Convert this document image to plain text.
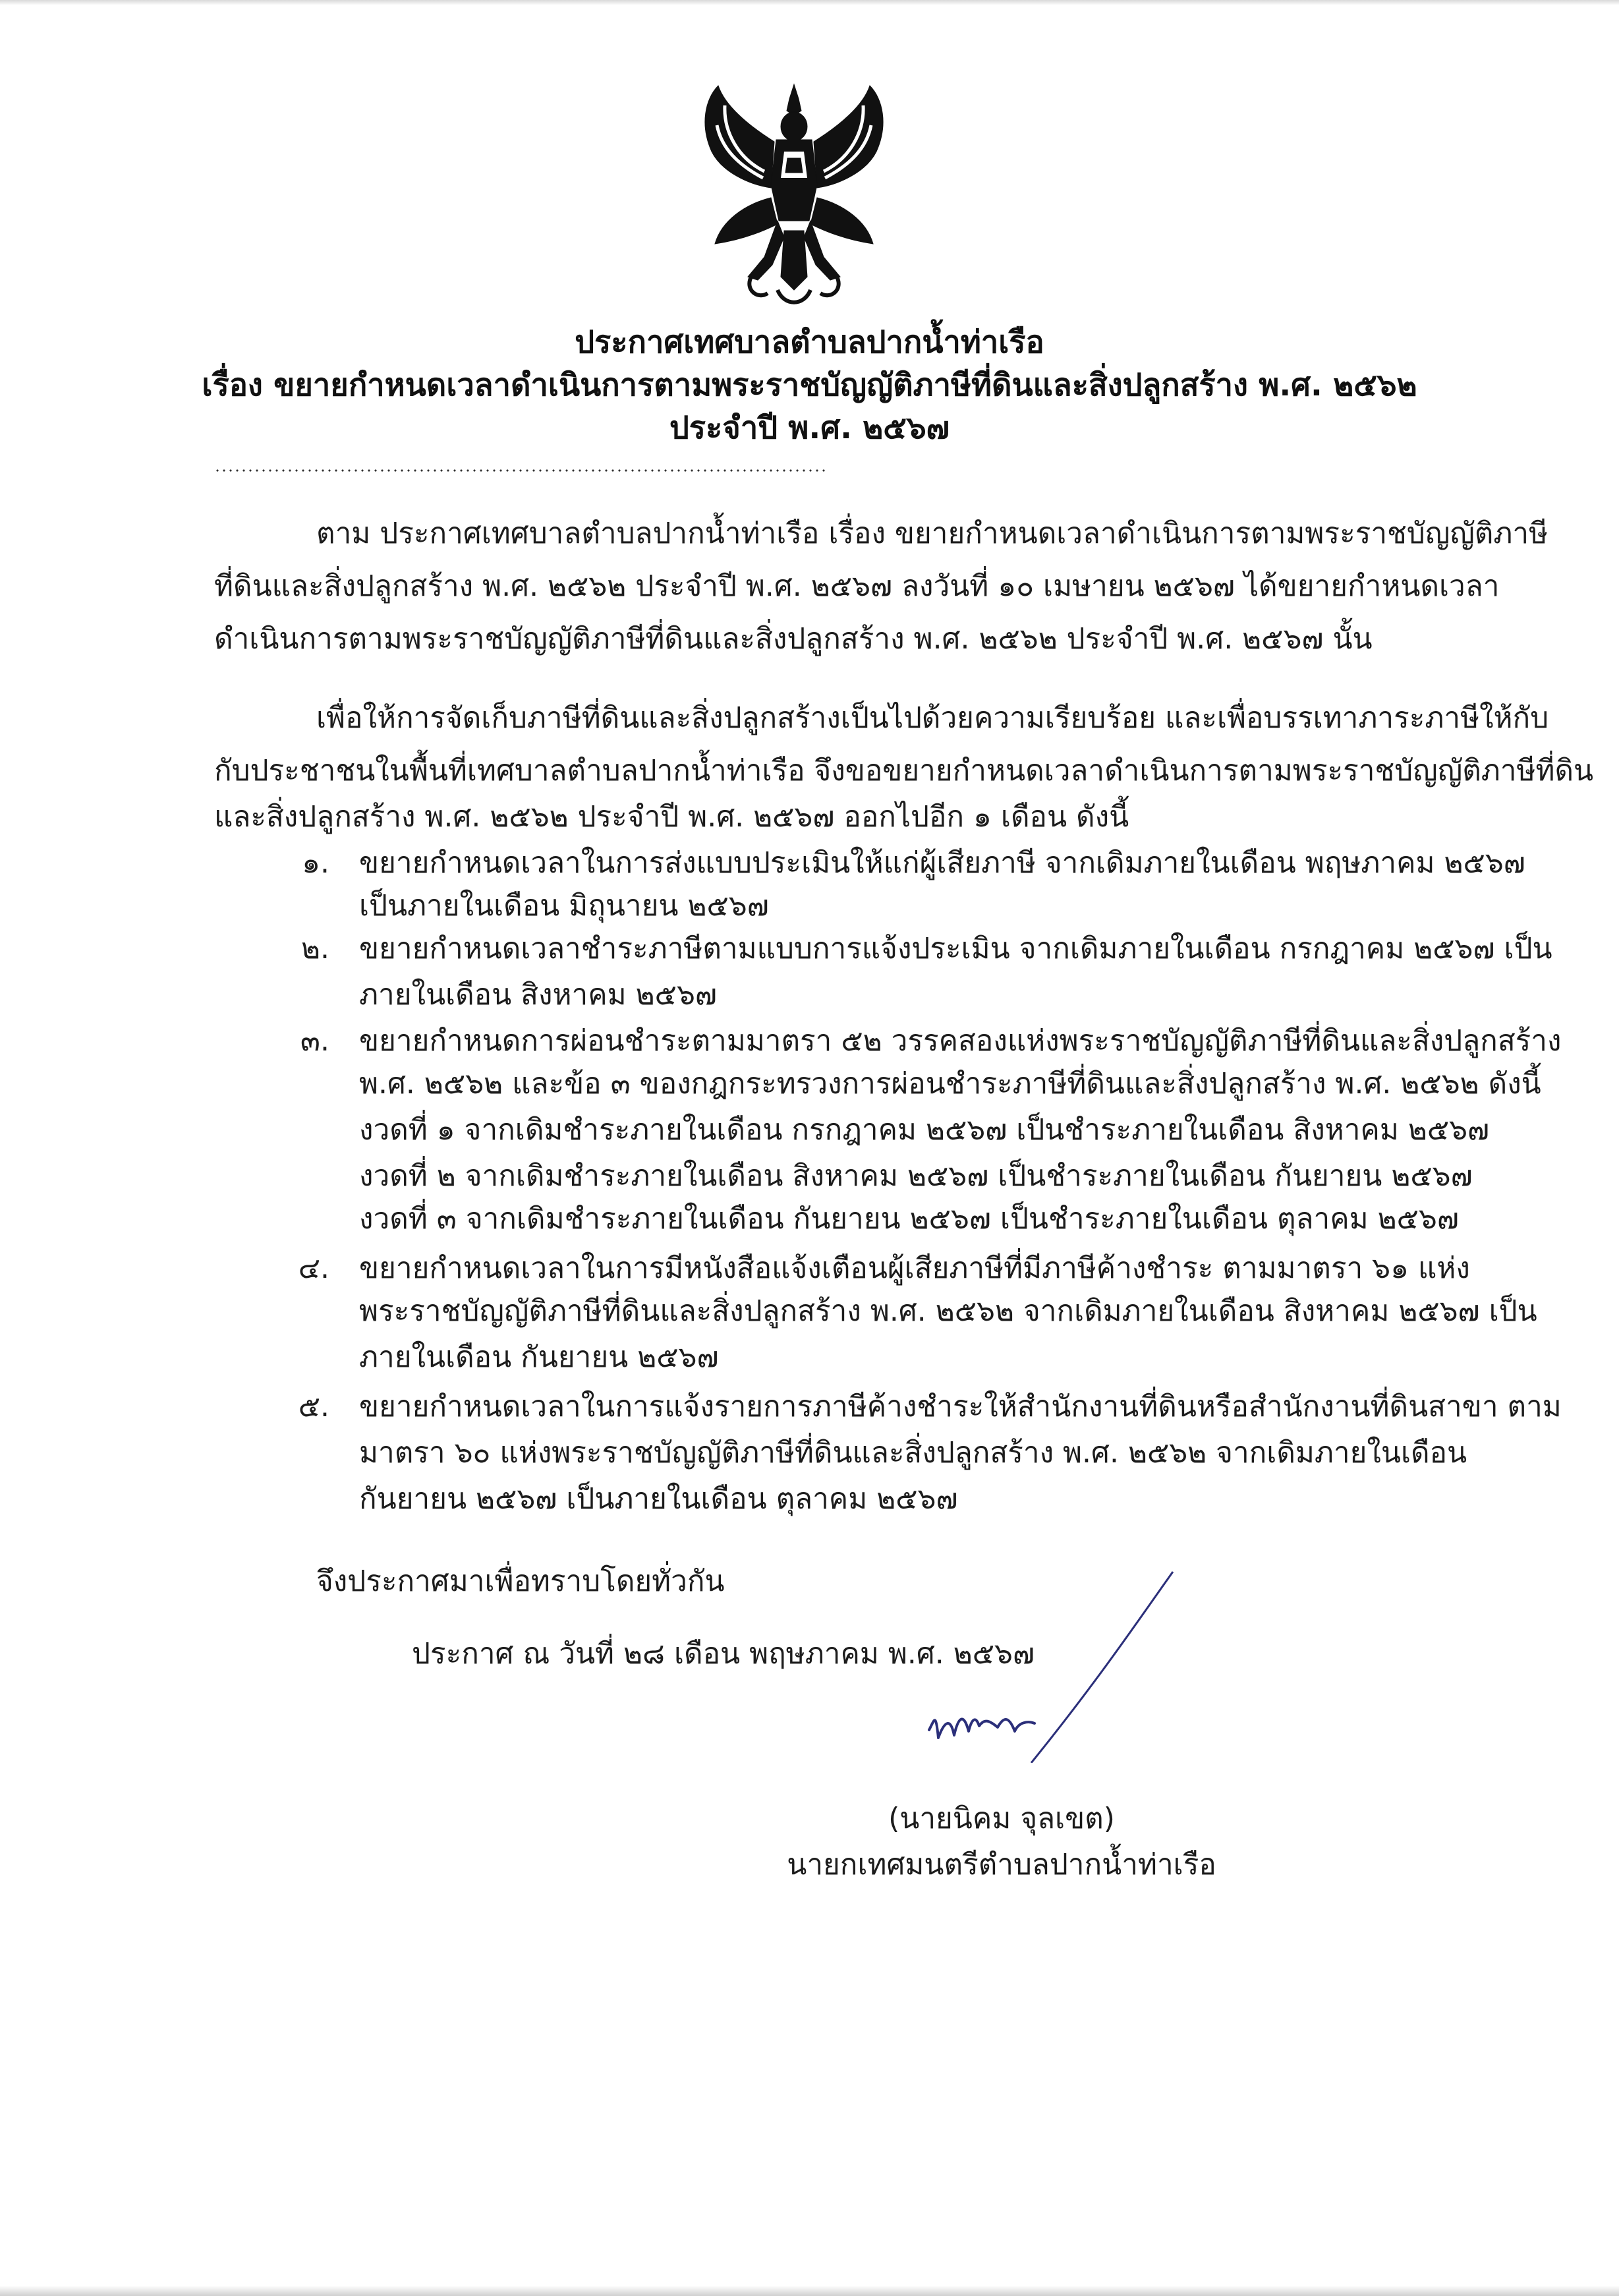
ประกาศเทศบาลตำบลปากน้ำท่าเรือ
เรื่อง ขยายกำหนดเวลาดำเนินการตามพระราชบัญญัติภาษีที่ดินและสิ่งปลูกสร้าง พ.ศ. ๒๕๖๒
ประจำปี พ.ศ. ๒๕๖๗
ตาม ประกาศเทศบาลตำบลปากน้ำท่าเรือ เรื่อง ขยายกำหนดเวลาดำเนินการตามพระราชบัญญัติภาษี
ที่ดินและสิ่งปลูกสร้าง พ.ศ. ๒๕๖๒ ประจำปี พ.ศ. ๒๕๖๗ ลงวันที่ ๑๐ เมษายน ๒๕๖๗ ได้ขยายกำหนดเวลา
ดำเนินการตามพระราชบัญญัติภาษีที่ดินและสิ่งปลูกสร้าง พ.ศ. ๒๕๖๒ ประจำปี พ.ศ. ๒๕๖๗ นั้น
เพื่อให้การจัดเก็บภาษีที่ดินและสิ่งปลูกสร้างเป็นไปด้วยความเรียบร้อย และเพื่อบรรเทาภาระภาษีให้กับ
กับประชาชนในพื้นที่เทศบาลตำบลปากน้ำท่าเรือ จึงขอขยายกำหนดเวลาดำเนินการตามพระราชบัญญัติภาษีที่ดิน
และสิ่งปลูกสร้าง พ.ศ. ๒๕๖๒ ประจำปี พ.ศ. ๒๕๖๗ ออกไปอีก ๑ เดือน ดังนี้
๑. ขยายกำหนดเวลาในการส่งแบบประเมินให้แก่ผู้เสียภาษี จากเดิมภายในเดือน พฤษภาคม ๒๕๖๗
เป็นภายในเดือน มิถุนายน ๒๕๖๗
๒. ขยายกำหนดเวลาชำระภาษีตามแบบการแจ้งประเมิน จากเดิมภายในเดือน กรกฎาคม ๒๕๖๗ เป็น
ภายในเดือน สิงหาคม ๒๕๖๗
๓. ขยายกำหนดการผ่อนชำระตามมาตรา ๕๒ วรรคสองแห่งพระราชบัญญัติภาษีที่ดินและสิ่งปลูกสร้าง
พ.ศ. ๒๕๖๒ และข้อ ๓ ของกฎกระทรวงการผ่อนชำระภาษีที่ดินและสิ่งปลูกสร้าง พ.ศ. ๒๕๖๒ ดังนี้
งวดที่ ๑ จากเดิมชำระภายในเดือน กรกฎาคม ๒๕๖๗ เป็นชำระภายในเดือน สิงหาคม ๒๕๖๗
งวดที่ ๒ จากเดิมชำระภายในเดือน สิงหาคม ๒๕๖๗ เป็นชำระภายในเดือน กันยายน ๒๕๖๗
งวดที่ ๓ จากเดิมชำระภายในเดือน กันยายน ๒๕๖๗ เป็นชำระภายในเดือน ตุลาคม ๒๕๖๗
๔. ขยายกำหนดเวลาในการมีหนังสือแจ้งเตือนผู้เสียภาษีที่มีภาษีค้างชำระ ตามมาตรา ๖๑ แห่ง
พระราชบัญญัติภาษีที่ดินและสิ่งปลูกสร้าง พ.ศ. ๒๕๖๒ จากเดิมภายในเดือน สิงหาคม ๒๕๖๗ เป็น
ภายในเดือน กันยายน ๒๕๖๗
๕. ขยายกำหนดเวลาในการแจ้งรายการภาษีค้างชำระให้สำนักงานที่ดินหรือสำนักงานที่ดินสาขา ตาม
มาตรา ๖๐ แห่งพระราชบัญญัติภาษีที่ดินและสิ่งปลูกสร้าง พ.ศ. ๒๕๖๒ จากเดิมภายในเดือน
กันยายน ๒๕๖๗ เป็นภายในเดือน ตุลาคม ๒๕๖๗
จึงประกาศมาเพื่อทราบโดยทั่วกัน
ประกาศ ณ วันที่ ๒๘ เดือน พฤษภาคม พ.ศ. ๒๕๖๗
(นายนิคม จุลเขต)
นายกเทศมนตรีตำบลปากน้ำท่าเรือ
